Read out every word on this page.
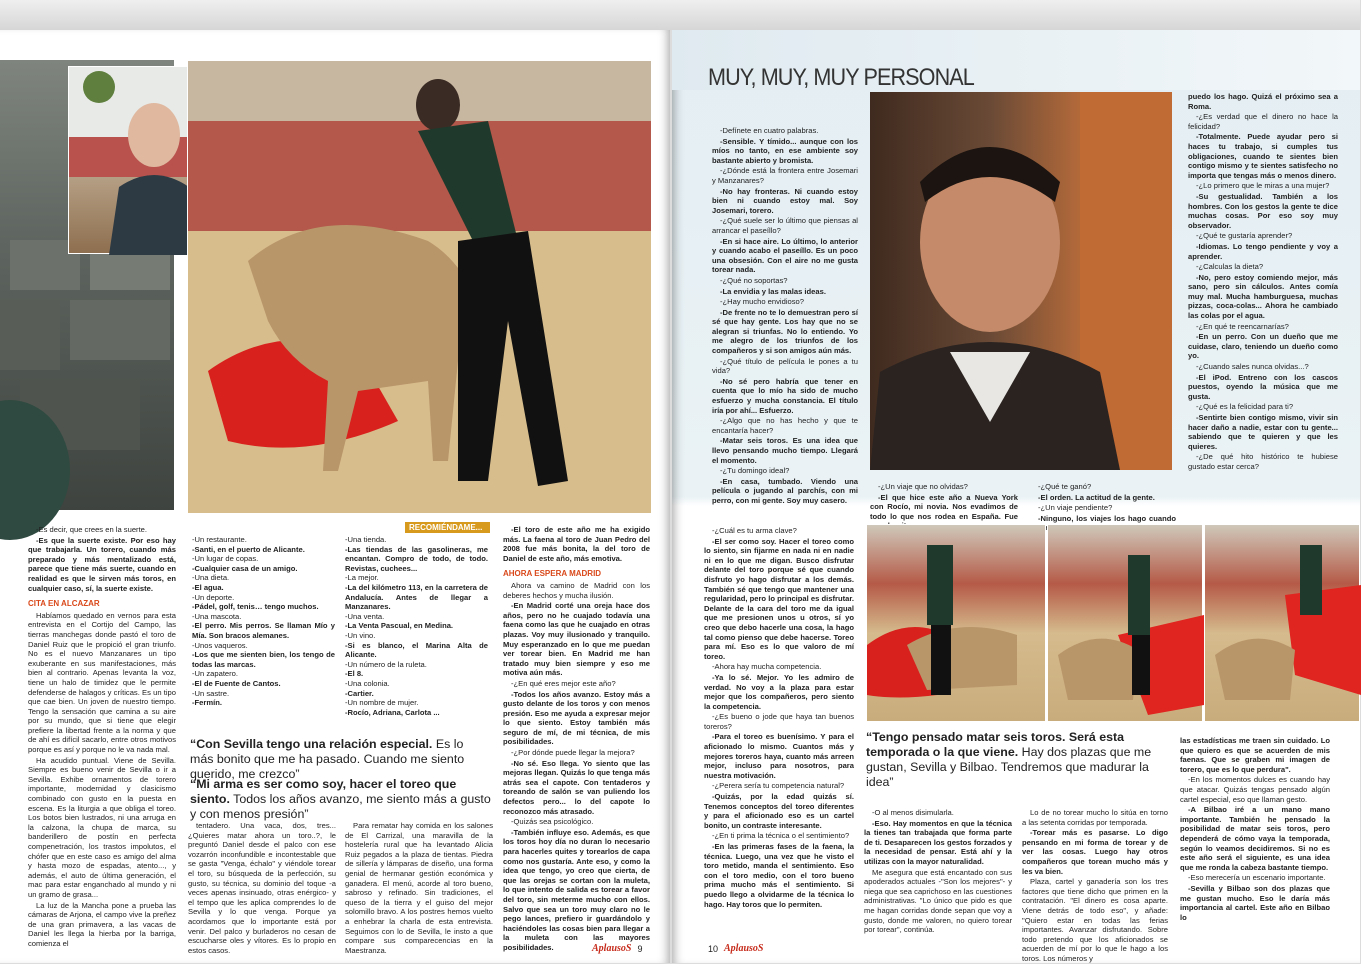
-Es decir, que crees en la suerte.

-Es que la suerte existe. Por eso hay que trabajarla. Un torero, cuando más preparado y más mentalizado está, parece que tiene más suerte, cuando en realidad es que le sirven más toros, en cualquier caso, sí, la suerte existe.

CITA EN ALCAZAR

Habíamos quedado en vernos para esta entrevista en el Cortijo del Campo, las tierras manchegas donde pastó el toro de Daniel Ruiz que le propició el gran triunfo. No es el nuevo Manzanares un tipo exuberante en sus manifestaciones, más bien al contrario. Apenas levanta la voz, tiene un halo de timidez que le permite defenderse de halagos y críticas. Es un tipo que cae bien. Un joven de nuestro tiempo. Tengo la sensación que camina a su aire por su mundo, que si tiene que elegir prefiere la libertad frente a la norma y que de ahí es difícil sacarlo, entre otros motivos porque es así y porque no le va nada mal.

Ha acudido puntual. Viene de Sevilla. Siempre es bueno venir de Sevilla o ir a Sevilla. Exhibe ornamentos de torero importante, modernidad y clasicismo combinado con gusto en la puesta en escena. Es la liturgia a que obliga el toreo. Los botos bien lustrados, ni una arruga en la calzona, la chupa de marca, su banderillero de postín en perfecta compenetración, los trastos impolutos, el chófer que en este caso es amigo del alma y hasta mozo de espadas, atento..., y además, el auto de última generación, el mac para estar enganchado al mundo y ni un gramo de grasa...

La luz de la Mancha pone a prueba las cámaras de Arjona, el campo vive la preñez de una gran primavera, a las vacas de Daniel les llega la hierba por la barriga, comienza el

-Un restaurante.
-Santi, en el puerto de Alicante.
-Un lugar de copas.
-Cualquier casa de un amigo.
-Una dieta.
-El agua.
-Un deporte.
-Pádel, golf, tenis… tengo muchos.
-Una mascota.
-El perro. Mis perros. Se llaman Mío y Mía. Son bracos alemanes.
-Unos vaqueros.
-Los que me sienten bien, los tengo de todas las marcas.
-Un zapatero.
-El de Fuente de Cantos.
-Un sastre.
-Fermín.
RECOMIÉNDAME...
-Una tienda.
-Las tiendas de las gasolineras, me encantan. Compro de todo, de todo. Revistas, cuchees...
-La mejor.
-La del kilómetro 113, en la carretera de Andalucía. Antes de llegar a Manzanares.
-Una venta.
-La Venta Pascual, en Medina.
-Un vino.
-Si es blanco, el Marina Alta de Alicante.
-Un número de la ruleta.
-El 8.
-Una colonia.
-Cartier.
-Un nombre de mujer.
-Rocío, Adriana, Carlota ...
“Con Sevilla tengo una relación especial. Es lo más bonito que me ha pasado. Cuando me siento querido, me crezco”
“Mi arma es ser como soy, hacer el toreo que siento. Todos los años avanzo, me siento más a gusto y con menos presión”

tentadero. Una vaca, dos, tres... ¿Quieres matar ahora un toro..?, le preguntó Daniel desde el palco con ese vozarrón inconfundible e incontestable que se gasta "Venga, échalo" y viéndole torear el toro, su búsqueda de la perfección, su gusto, su técnica, su dominio del toque -a veces apenas insinuado, otras enérgico- y el tempo que les aplica comprendes lo de Sevilla y lo que venga. Porque ya acordamos que lo importante está por venir. Del palco y burladeros no cesan de escucharse oles y vítores. Es lo propio en estos casos.

Para rematar hay comida en los salones de El Carrizal, una maravilla de la hostelería rural que ha levantado Alicia Ruiz pegados a la plaza de tientas. Piedra de sillería y lámparas de diseño, una forma genial de hermanar gestión económica y ganadera. El menú, acorde al toro bueno, sabroso y refinado. Sin tradiciones, el queso de la tierra y el guiso del mejor solomillo bravo. A los postres hemos vuelto a enhebrar la charla de esta entrevista. Seguimos con lo de Sevilla, le insto a que compare sus comparecencias en la Maestranza.

-El toro de este año me ha exigido más. La faena al toro de Juan Pedro del 2008 fue más bonita, la del toro de Daniel de este año, más emotiva.

AHORA ESPERA MADRID

Ahora va camino de Madrid con los deberes hechos y mucha ilusión.

-En Madrid corté una oreja hace dos años, pero no he cuajado todavía una faena como las que he cuajado en otras plazas. Voy muy ilusionado y tranquilo. Muy esperanzado en lo que me puedan ver torear bien. En Madrid me han tratado muy bien siempre y eso me motiva aún más.

-¿En qué eres mejor este año?

-Todos los años avanzo. Estoy más a gusto delante de los toros y con menos presión. Eso me ayuda a expresar mejor lo que siento. Estoy también más seguro de mí, de mi técnica, de mis posibilidades.

-¿Por dónde puede llegar la mejora?

-No sé. Eso llega. Yo siento que las mejoras llegan. Quizás lo que tenga más atrás sea el capote. Con tentaderos y toreando de salón se van puliendo los defectos pero... lo del capote lo reconozco más atrasado.

-Quizás sea psicológico.

-También influye eso. Además, es que los toros hoy día no duran lo necesario para hacerles quites y torearlos de capa como nos gustaría. Ante eso, y como la idea que tengo, yo creo que cierta, de que las orejas se cortan con la muleta, lo que intento de salida es torear a favor del toro, sin meterme mucho con ellos. Salvo que sea un toro muy claro no le pego lances, prefiero ir guardándolo y haciéndoles las cosas bien para llegar a la muleta con las mayores posibilidades.	AplausoS 9

-Defínete en cuatro palabras.

-Sensible. Y tímido... aunque con los míos no tanto, en ese ambiente soy bastante abierto y bromista.

-¿Dónde está la frontera entre Josemari y Manzanares?

-No hay fronteras. Ni cuando estoy bien ni cuando estoy mal. Soy Josemari, torero.

-¿Qué suele ser lo último que piensas al arrancar el paseíllo?

-En si hace aire. Lo último, lo anterior y cuando acabo el paseíllo. Es un poco una obsesión. Con el aire no me gusta torear nada.

-¿Qué no soportas?

-La envidia y las malas ideas.

-¿Hay mucho envidioso?

-De frente no te lo demuestran pero sí sé que hay gente. Los hay que no se alegran si triunfas. No lo entiendo. Yo me alegro de los triunfos de los compañeros y si son amigos aún más.

-¿Qué título de película le pones a tu vida?

-No sé pero habría que tener en cuenta que lo mío ha sido de mucho esfuerzo y mucha constancia. El título iría por ahí... Esfuerzo.

-¿Algo que no has hecho y que te encantaría hacer?

-Matar seis toros. Es una idea que llevo pensando mucho tiempo. Llegará el momento.

-¿Tu domingo ideal?

-En casa, tumbado. Viendo una película o jugando al parchís, con mi perro, con mi gente. Soy muy casero.

-¿Un viaje que no olvidas?

-El que hice este año a Nueva York con Rocío, mi novia. Nos evadimos de todo lo que nos rodea en España. Fue

-¿Qué te ganó?

-El orden. La actitud de la gente.

-¿Un viaje pendiente?

-Ninguno, los viajes los hago cuando

puedo los hago. Quizá el próximo sea a Roma.

-¿Es verdad que el dinero no hace la felicidad?

-Totalmente. Puede ayudar pero si haces tu trabajo, si cumples tus obligaciones, cuando te sientes bien contigo mismo y te sientes satisfecho no importa que tengas más o menos dinero.

-¿Lo primero que le miras a una mujer?

-Su gestualidad. También a los hombres. Con los gestos la gente te dice muchas cosas. Por eso soy muy observador.

-¿Qué te gustaría aprender?

-Idiomas. Lo tengo pendiente y voy a aprender.

-¿Calculas la dieta?

-No, pero estoy comiendo mejor, más sano, pero sin cálculos. Antes comía muy mal. Mucha hamburguesa, muchas pizzas, coca-colas... Ahora he cambiado las colas por el agua.

-¿En qué te reencarnarías?

-En un perro. Con un dueño que me cuidase, claro, teniendo un dueño como yo.

-¿Cuando sales nunca olvidas...?

-El iPod. Entreno con los cascos puestos, oyendo la música que me gusta.

-¿Qué es la felicidad para ti?

-Sentirte bien contigo mismo, vivir sin hacer daño a nadie, estar con tu gente... sabiendo que te quieren y que les quieres.

-¿De qué hito histórico te hubiese gustado estar cerca?

MUY, MUY, MUY PERSONAL

-¿Cuál es tu arma clave?

-El ser como soy. Hacer el toreo como lo siento, sin fijarme en nada ni en nadie ni en lo que me digan. Busco disfrutar delante del toro porque sé que cuando disfruto yo hago disfrutar a los demás. También sé que tengo que mantener una regularidad, pero lo principal es disfrutar. Delante de la cara del toro me da igual que me presionen unos u otros, sí yo creo que debo hacerle una cosa, la hago tal como pienso que debe hacerse. Toreo para mí. Eso es lo que valoro de mí toreo.

-Ahora hay mucha competencia.

-Ya lo sé. Mejor. Yo les admiro de verdad. No voy a la plaza para estar mejor que los compañeros, pero siento la competencia.

-¿Es bueno o jode que haya tan buenos toreros?

-Para el toreo es buenísimo. Y para el aficionado lo mismo. Cuantos más y mejores toreros haya, cuanto más arreen mejor, incluso para nosotros, para nuestra motivación.

-¿Perera sería tu competencia natural?

-Quizás, por la edad quizás sí. Tenemos conceptos del toreo diferentes y para el aficionado eso es un cartel bonito, un contraste interesante.

-¿En ti prima la técnica o el sentimiento?

-En las primeras fases de la faena, la técnica. Luego, una vez que he visto el toro metido, manda el sentimiento. Eso con el toro medio, con el toro bueno prima mucho más el sentimiento. Si puedo llego a olvidarme de la técnica lo hago. Hay toros que lo permiten.

“Tengo pensado matar seis toros. Será esta temporada o la que viene. Hay dos plazas que me gustan, Sevilla y Bilbao. Tendremos que madurar la idea”

-O al menos disimularla.

-Eso. Hay momentos en que la técnica la tienes tan trabajada que forma parte de ti. Desaparecen los gestos forzados y la necesidad de pensar. Está ahí y la utilizas con la mayor naturalidad.

Me asegura que está encantado con sus apoderados actuales -"Son los mejores"- y niega que sea caprichoso en las cuestiones administrativas. "Lo único que pido es que me hagan corridas donde sepan que voy a gusto, donde me valoren, no quiero torear por torear", continúa.

Lo de no torear mucho lo sitúa en torno a las setenta corridas por temporada.

-Torear más es pasarse. Lo digo pensando en mi forma de torear y de ver las cosas. Luego hay otros compañeros que torean mucho más y les va bien.

Plaza, cartel y ganadería son los tres factores que tiene dicho que primen en la contratación. "El dinero es cosa aparte. Viene detrás de todo eso", y añade: "Quiero estar en todas las ferias importantes. Avanzar disfrutando. Sobre todo pretendo que los aficionados se acuerden de mí por lo que le hago a los toros. Los números y

las estadísticas me traen sin cuidado. Lo que quiero es que se acuerden de mis faenas. Que se graben mi imagen de torero, que es lo que perdura".

-En los momentos dulces es cuando hay que atacar. Quizás tengas pensado algún cartel especial, eso que llaman gesto.

-A Bilbao iré a un mano mano importante. También he pensado la posibilidad de matar seis toros, pero dependerá de cómo vaya la temporada, según lo veamos decidiremos. Si no es este año será el siguiente, es una idea que me ronda la cabeza bastante tiempo.

-Eso merecería un escenario importante.

-Sevilla y Bilbao son dos plazas que me gustan mucho. Eso le daría más importancia al cartel. Este año en Bilbao lo

10 AplausoS
